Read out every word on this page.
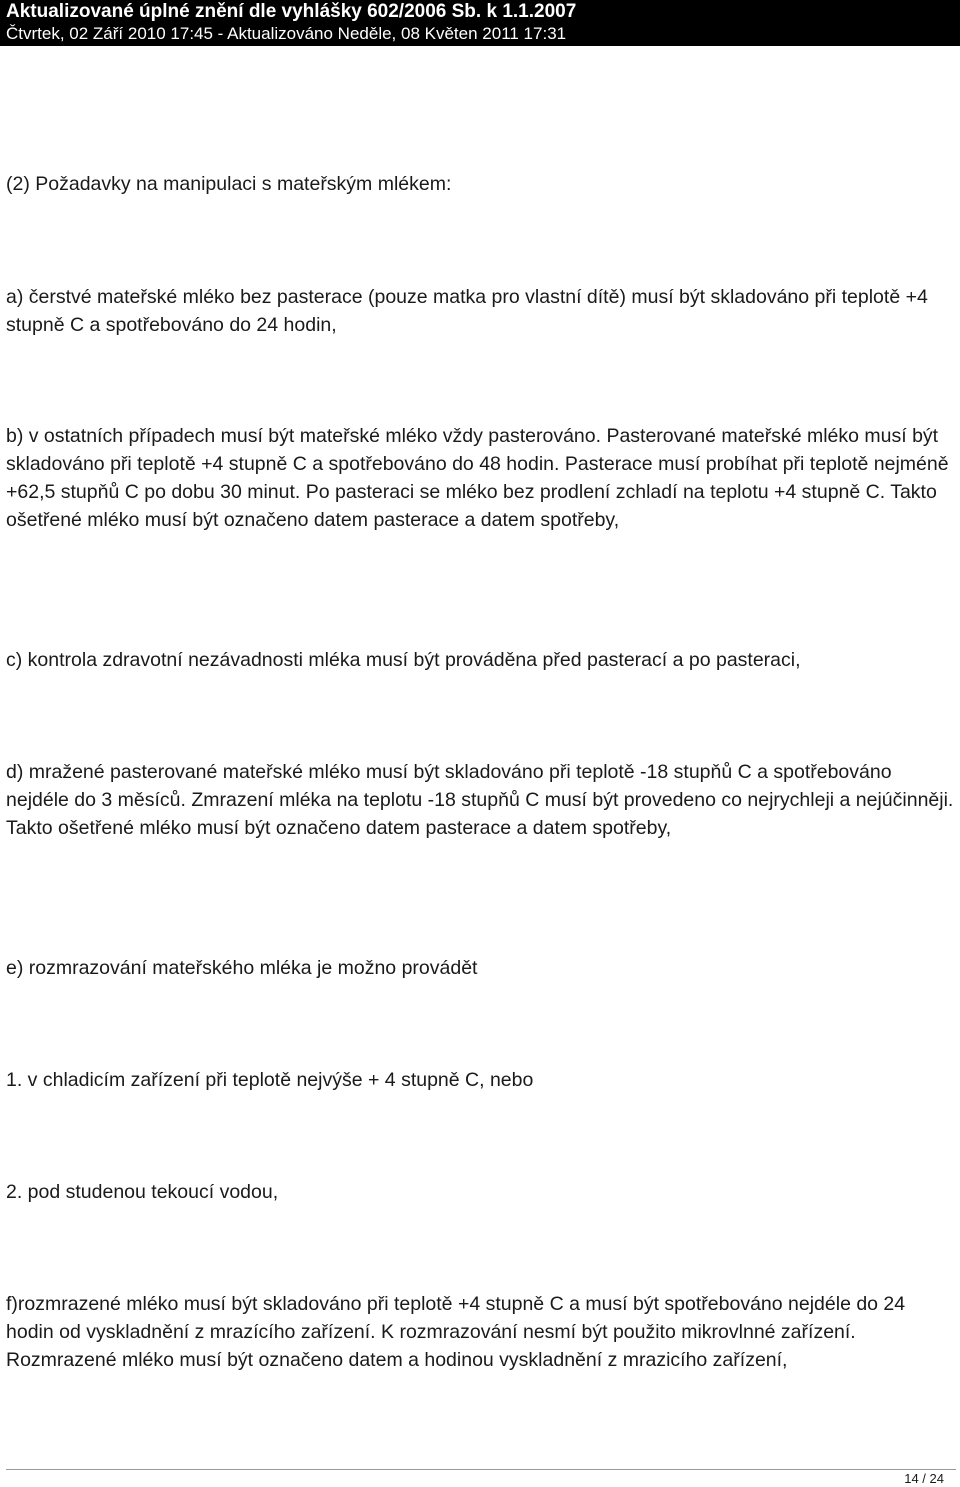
Aktualizované úplné znění dle vyhlášky 602/2006 Sb. k 1.1.2007
Čtvrtek, 02 Září 2010 17:45 - Aktualizováno Neděle, 08 Květen 2011 17:31

(2) Požadavky na manipulaci s mateřským mlékem:

a) čerstvé mateřské mléko bez pasterace (pouze matka pro vlastní dítě) musí být skladováno při teplotě +4 stupně C a spotřebováno do 24 hodin,

b) v ostatních případech musí být mateřské mléko vždy pasterováno. Pasterované mateřské mléko musí být skladováno při teplotě +4 stupně C a spotřebováno do 48 hodin. Pasterace musí probíhat při teplotě nejméně +62,5 stupňů C po dobu 30 minut. Po pasteraci se mléko bez prodlení zchladí na teplotu +4 stupně C. Takto ošetřené mléko musí být označeno datem pasterace a datem spotřeby,

c) kontrola zdravotní nezávadnosti mléka musí být prováděna před pasterací a po pasteraci,

d) mražené pasterované mateřské mléko musí být skladováno při teplotě -18 stupňů C a spotřebováno nejdéle do 3 měsíců. Zmrazení mléka na teplotu -18 stupňů C musí být provedeno co nejrychleji a nejúčinněji. Takto ošetřené mléko musí být označeno datem pasterace a datem spotřeby,

e) rozmrazování mateřského mléka je možno provádět

1. v chladicím zařízení při teplotě nejvýše + 4 stupně C, nebo

2. pod studenou tekoucí vodou,

f)rozmrazené mléko musí být skladováno při teplotě +4 stupně C a musí být spotřebováno nejdéle do 24 hodin od vyskladnění z mrazícího zařízení. K rozmrazování nesmí být použito mikrovlnné zařízení. Rozmrazené mléko musí být označeno datem a hodinou vyskladnění z mrazicího zařízení,

14 / 24
